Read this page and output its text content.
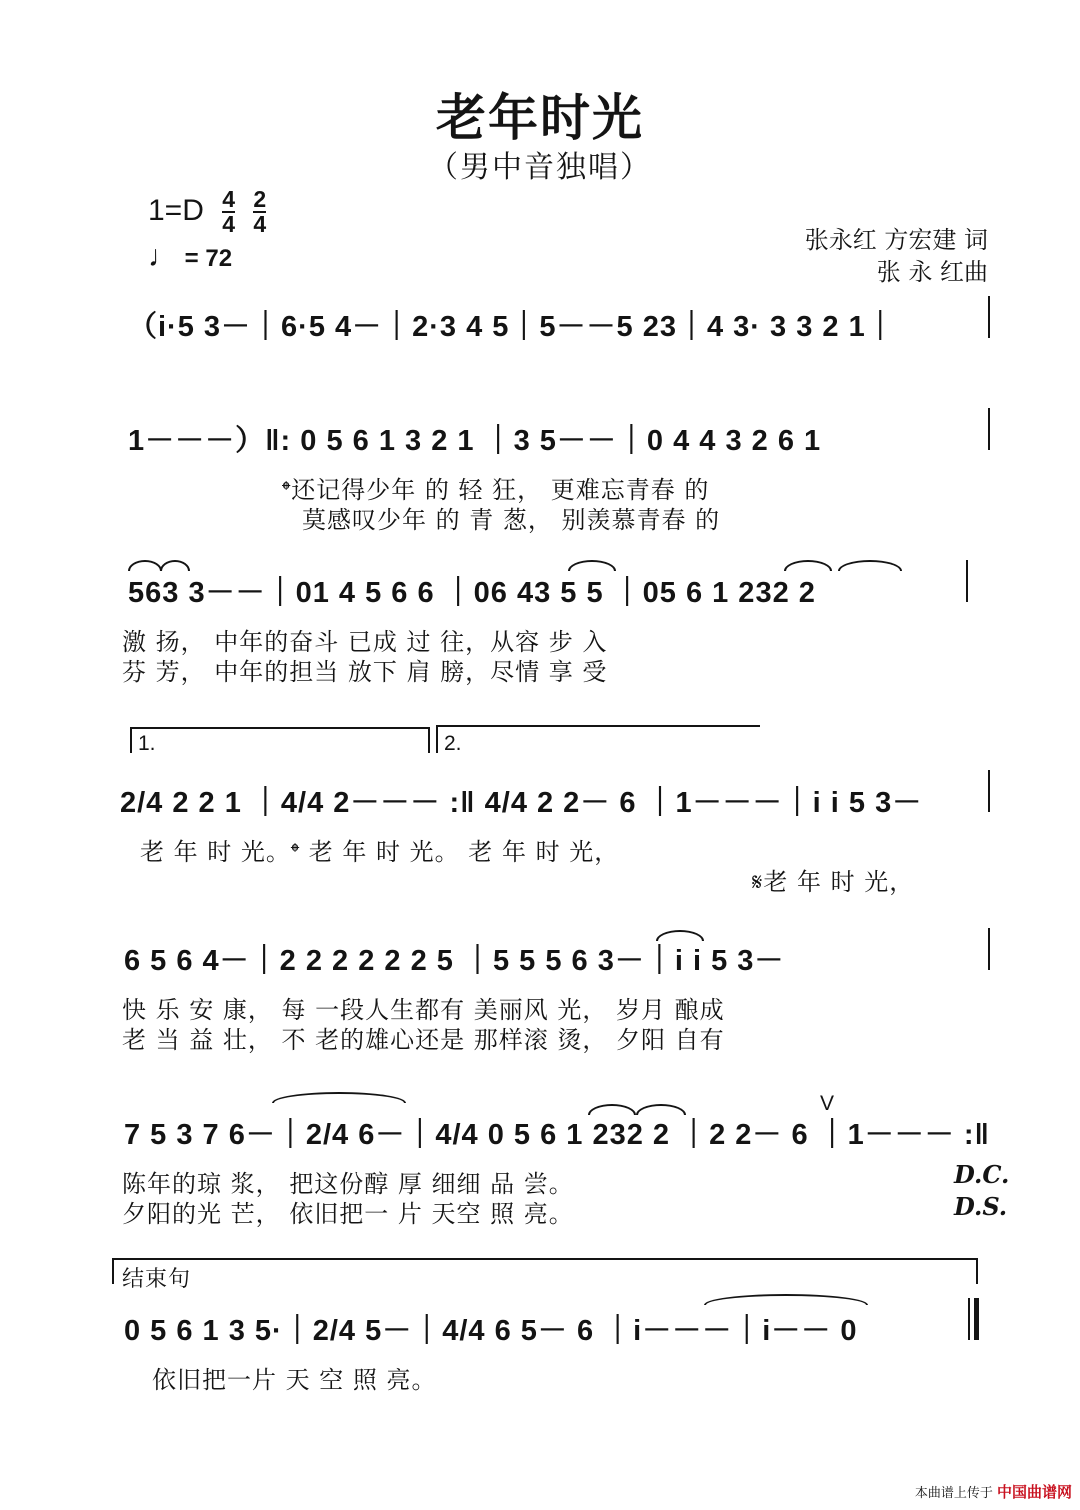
老年时光
（男中音独唱）
$1=D \frac{4}{4}$
$\frac{2}{4}$
♩ = 72
张永红 方宏建 词
张 永 红曲
（i·5 3－｜6·5 4－｜2·3 4 5｜5－－5 23｜4 3· 3 3 2 1｜
1－－－）‖: 0 5 6 1 3 2 1 ｜3 5－－｜0 4 4 3 2 6 1
𝄌还记得少年 的 轻 狂， 更难忘青春 的
莫感叹少年 的 青 葱， 别羡慕青春 的
563 3－－｜01 4 5 6 6 ｜06 43 5 5 ｜05 6 1 232 2
激 扬， 中年的奋斗 已成 过 往，从容 步 入
芬 芳， 中年的担当 放下 肩 膀，尽情 享 受
1.	2.
2/4 2 2 1 ｜4/4 2－－－ :‖ 4/4 2 2－ 6 ｜1－－－｜i i 5 3－
老 年 时 光。𝄌 老 年 时 光。 老 年 时 光，
𝄋老 年 时 光，
6 5 6 4－｜2 2 2 2 2 2 5 ｜5 5 5 6 3－｜i i 5 3－
快 乐 安 康， 每 一段人生都有 美丽风 光， 岁月 酿成
老 当 益 壮， 不 老的雄心还是 那样滚 烫， 夕阳 自有
V
7 5 3 7 6－｜2/4 6－｜4/4 0 5 6 1 232 2 ｜2 2－ 6 ｜1－－－ :‖
陈年的琼 浆， 把这份醇 厚 细细 品 尝。
夕阳的光 芒， 依旧把一 片 天空 照 亮。
D.C.
D.S.
结束句
0 5 6 1 3 5·｜2/4 5－｜4/4 6 5－ 6 ｜i－－－｜i－－ 0
依旧把一片 天 空 照 亮。
本曲谱上传于 中国曲谱网
